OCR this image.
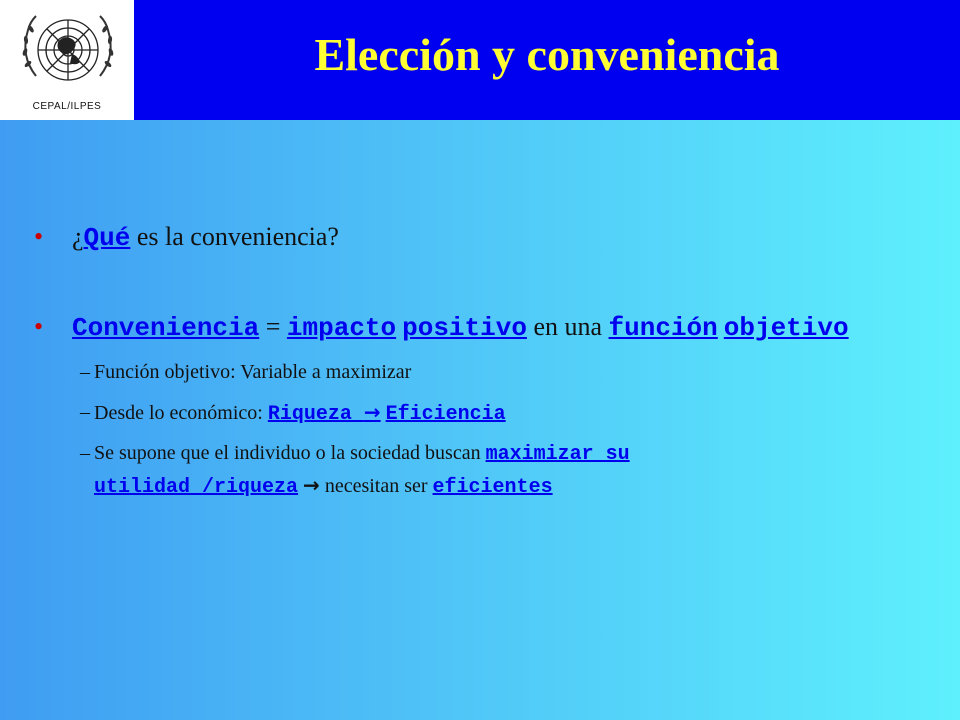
CEPAL/ILPES
Elección y conveniencia
• ¿Qué es la conveniencia?
• Conveniencia = impacto positivo en una función objetivo
– Función objetivo: Variable a maximizar
– Desde lo económico: Riqueza → Eficiencia
– Se supone que el individuo o la sociedad buscan maximizar su
utilidad /riqueza → necesitan ser eficientes
